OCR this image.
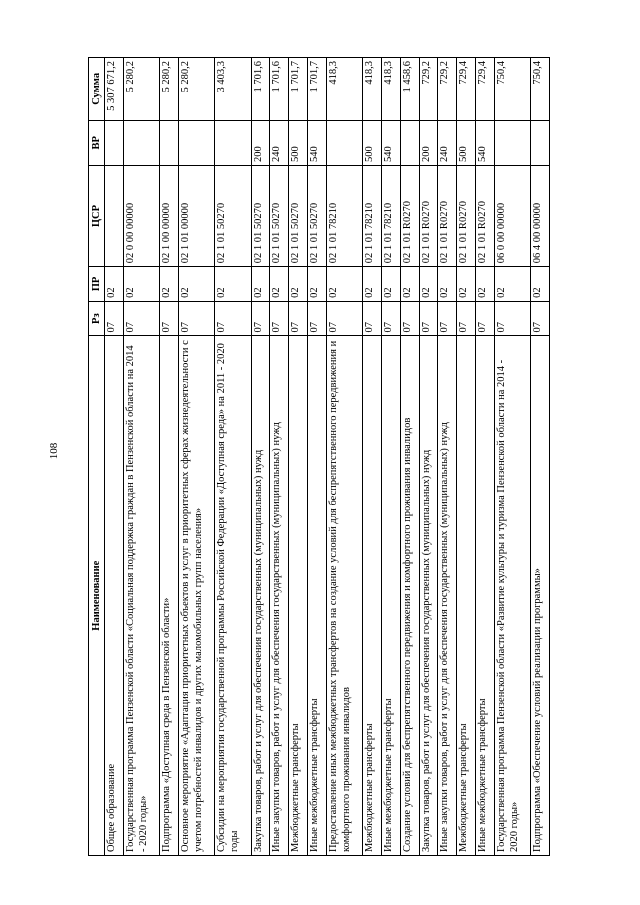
108
Наименование	Рз	ПР	ЦСР	ВР	Сумма
Общее образование	07	02			5 307 671,2
Государственная программа Пензенской области «Социальная поддержка граждан в Пензенской области на 2014 - 2020 годы»	07	02	02 0 00 00000		5 280,2
Подпрограмма «Доступная среда в Пензенской области»	07	02	02 1 00 00000		5 280,2
Основное мероприятие «Адаптация приоритетных объектов и услуг в приоритетных сферах жизнедеятельности с учетом потребностей инвалидов и других маломобильных групп населения»	07	02	02 1 01 00000		5 280,2
Субсидии на мероприятия государственной программы Российской Федерации «Доступная среда» на 2011 - 2020 годы	07	02	02 1 01 50270		3 403,3
Закупка товаров, работ и услуг для обеспечения государственных (муниципальных) нужд	07	02	02 1 01 50270	200	1 701,6
Иные закупки товаров, работ и услуг для обеспечения государственных (муниципальных) нужд	07	02	02 1 01 50270	240	1 701,6
Межбюджетные трансферты	07	02	02 1 01 50270	500	1 701,7
Иные межбюджетные трансферты	07	02	02 1 01 50270	540	1 701,7
Предоставление иных межбюджетных трансфертов на создание условий для беспрепятственного передвижения и комфортного проживания инвалидов	07	02	02 1 01 78210		418,3
Межбюджетные трансферты	07	02	02 1 01 78210	500	418,3
Иные межбюджетные трансферты	07	02	02 1 01 78210	540	418,3
Создание условий для беспрепятственного передвижения и комфортного проживания инвалидов	07	02	02 1 01 R0270		1 458,6
Закупка товаров, работ и услуг для обеспечения государственных (муниципальных) нужд	07	02	02 1 01 R0270	200	729,2
Иные закупки товаров, работ и услуг для обеспечения государственных (муниципальных) нужд	07	02	02 1 01 R0270	240	729,2
Межбюджетные трансферты	07	02	02 1 01 R0270	500	729,4
Иные межбюджетные трансферты	07	02	02 1 01 R0270	540	729,4
Государственная программа Пензенской области «Развитие культуры и туризма Пензенской области на 2014 - 2020 годы»	07	02	06 0 00 00000		750,4
Подпрограмма «Обеспечение условий реализации программы»	07	02	06 4 00 00000		750,4
